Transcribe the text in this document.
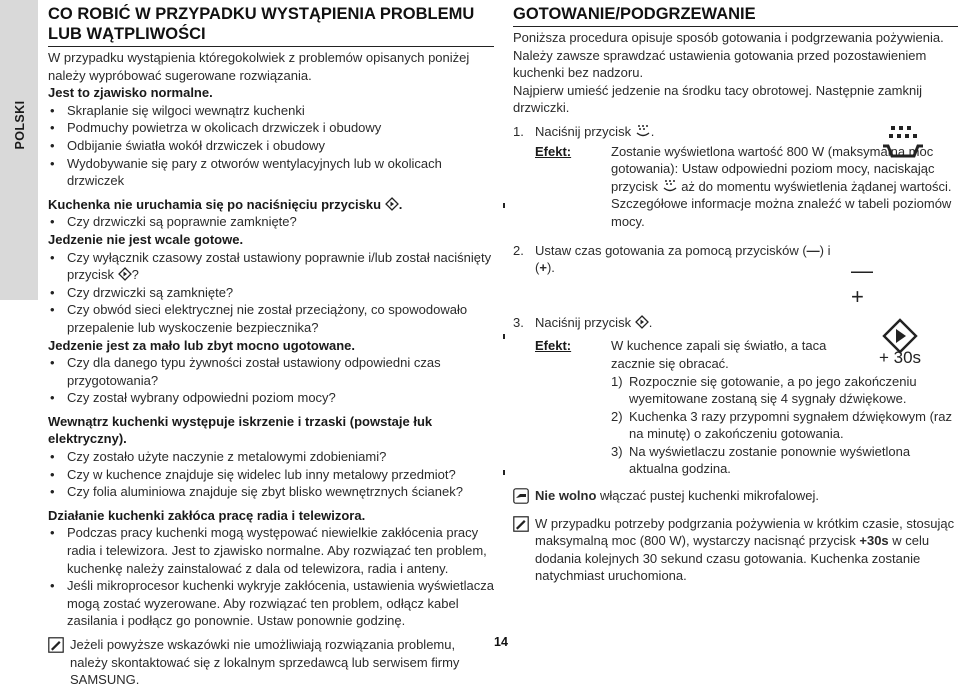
POLSKI
CO ROBIĆ W PRZYPADKU WYSTĄPIENIA PROBLEMU
LUB WĄTPLIWOŚCI

W przypadku wystąpienia któregokolwiek z problemów opisanych poniżej należy wypróbować sugerowane rozwiązania.

Jest to zjawisko normalne.

• Skraplanie się wilgoci wewnątrz kuchenki
• Podmuchy powietrza w okolicach drzwiczek i obudowy
• Odbijanie światła wokół drzwiczek i obudowy
• Wydobywanie się pary z otworów wentylacyjnych lub w okolicach drzwiczek

Kuchenka nie uruchamia się po naciśnięciu przycisku .

• Czy drzwiczki są poprawnie zamknięte?

Jedzenie nie jest wcale gotowe.

• Czy wyłącznik czasowy został ustawiony poprawnie i/lub został naciśnięty przycisk ?
• Czy drzwiczki są zamknięte?
• Czy obwód sieci elektrycznej nie został przeciążony, co spowodowało przepalenie lub wyskoczenie bezpiecznika?

Jedzenie jest za mało lub zbyt mocno ugotowane.

• Czy dla danego typu żywności został ustawiony odpowiedni czas przygotowania?
• Czy został wybrany odpowiedni poziom mocy?

Wewnątrz kuchenki występuje iskrzenie i trzaski (powstaje łuk elektryczny).

• Czy zostało użyte naczynie z metalowymi zdobieniami?
• Czy w kuchence znajduje się widelec lub inny metalowy przedmiot?
• Czy folia aluminiowa znajduje się zbyt blisko wewnętrznych ścianek?

Działanie kuchenki zakłóca pracę radia i telewizora.

• Podczas pracy kuchenki mogą występować niewielkie zakłócenia pracy radia i telewizora. Jest to zjawisko normalne. Aby rozwiązać ten problem, kuchenkę należy zainstalować z dala od telewizora, radia i anteny.
• Jeśli mikroprocesor kuchenki wykryje zakłócenia, ustawienia wyświetlacza mogą zostać wyzerowane. Aby rozwiązać ten problem, odłącz kabel zasilania i podłącz go ponownie. Ustaw ponownie godzinę.
Jeżeli powyższe wskazówki nie umożliwiają rozwiązania problemu, należy skontaktować się z lokalnym sprzedawcą lub serwisem firmy SAMSUNG.
14
GOTOWANIE/PODGRZEWANIE

Poniższa procedura opisuje sposób gotowania i podgrzewania pożywienia.

Należy zawsze sprawdzać ustawienia gotowania przed pozostawieniem kuchenki bez nadzoru.

Najpierw umieść jedzenie na środku tacy obrotowej. Następnie zamknij drzwiczki.

1. Naciśnij przycisk .
Efekt:	Zostanie wyświetlona wartość 800 W (maksymalna moc gotowania): Ustaw odpowiedni poziom mocy, naciskając przycisk aż do momentu wyświetlenia żądanej wartości. Szczegółowe informacje można znaleźć w tabeli poziomów mocy.
2. Ustaw czas gotowania za pomocą przycisków (—) i (+).
3. Naciśnij przycisk .
Efekt:	W kuchence zapali się światło, a taca zacznie się obracać.
1) Rozpocznie się gotowanie, a po jego zakończeniu wyemitowane zostaną się 4 sygnały dźwiękowe.
2) Kuchenka 3 razy przypomni sygnałem dźwiękowym (raz na minutę) o zakończeniu gotowania.
3) Na wyświetlaczu zostanie ponownie wyświetlona aktualna godzina.
Nie wolno włączać pustej kuchenki mikrofalowej.
W przypadku potrzeby podgrzania pożywienia w krótkim czasie, stosując maksymalną moc (800 W), wystarczy nacisnąć przycisk +30s w celu dodania kolejnych 30 sekund czasu gotowania. Kuchenka zostanie natychmiast uruchomiona.
—+
+ 30s
